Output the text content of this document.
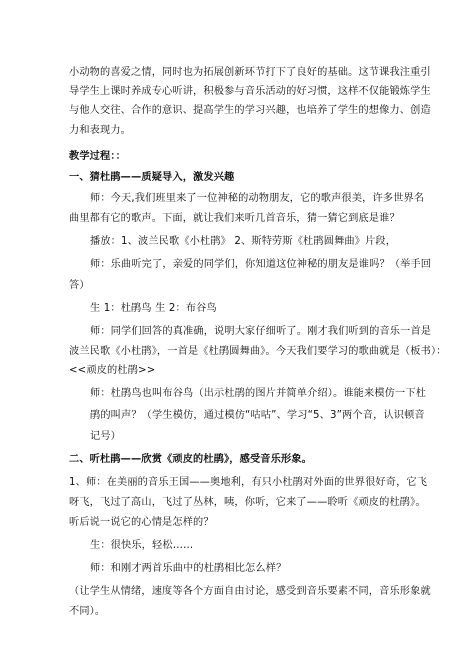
小动物的喜爱之情，同时也为拓展创新环节打下了良好的基础。这节课我注重引
导学生上课时养成专心听讲，积极参与音乐活动的好习惯，这样不仅能锻炼学生
与他人交往、合作的意识、提高学生的学习兴趣，也培养了学生的想像力、创造
力和表现力。
教学过程：：
一、猜杜鹃——质疑导入，激发兴趣
师：今天,我们班里来了一位神秘的动物朋友，它的歌声很美，许多世界名
曲里都有它的歌声。下面，就让我们来听几首音乐，猜一猜它到底是谁？
播放：1、波兰民歌《小杜鹃》 2、斯特劳斯《杜鹃圆舞曲》片段，
师：乐曲听完了，亲爱的同学们，你知道这位神秘的朋友是谁吗？（举手回
答）
生 1：杜鹃鸟 生 2：布谷鸟
师：同学们回答的真准确，说明大家仔细听了。刚才我们听到的音乐一首是
波兰民歌《小杜鹃》，一首是《杜鹃圆舞曲》。今天我们要学习的歌曲就是（板书）：
<<顽皮的杜鹃>>
师：杜鹃鸟也叫布谷鸟（出示杜鹃的图片并简单介绍）。谁能来模仿一下杜
鹃的叫声？（学生模仿，通过模仿“咕咕”、学习“5、3”两个音，认识顿音
记号）
二、听杜鹃——欣赏《顽皮的杜鹃》，感受音乐形象。
1、师：在美丽的音乐王国——奥地利，有只小杜鹃对外面的世界很好奇，它飞
呀飞，飞过了高山，飞过了丛林，咦，你听，它来了——聆听《顽皮的杜鹃》。
听后说一说它的心情是怎样的？
生：很快乐，轻松……
师：和刚才两首乐曲中的杜鹃相比怎么样？
（让学生从情绪，速度等各个方面自由讨论，感受到音乐要素不同，音乐形象就
不同）。
